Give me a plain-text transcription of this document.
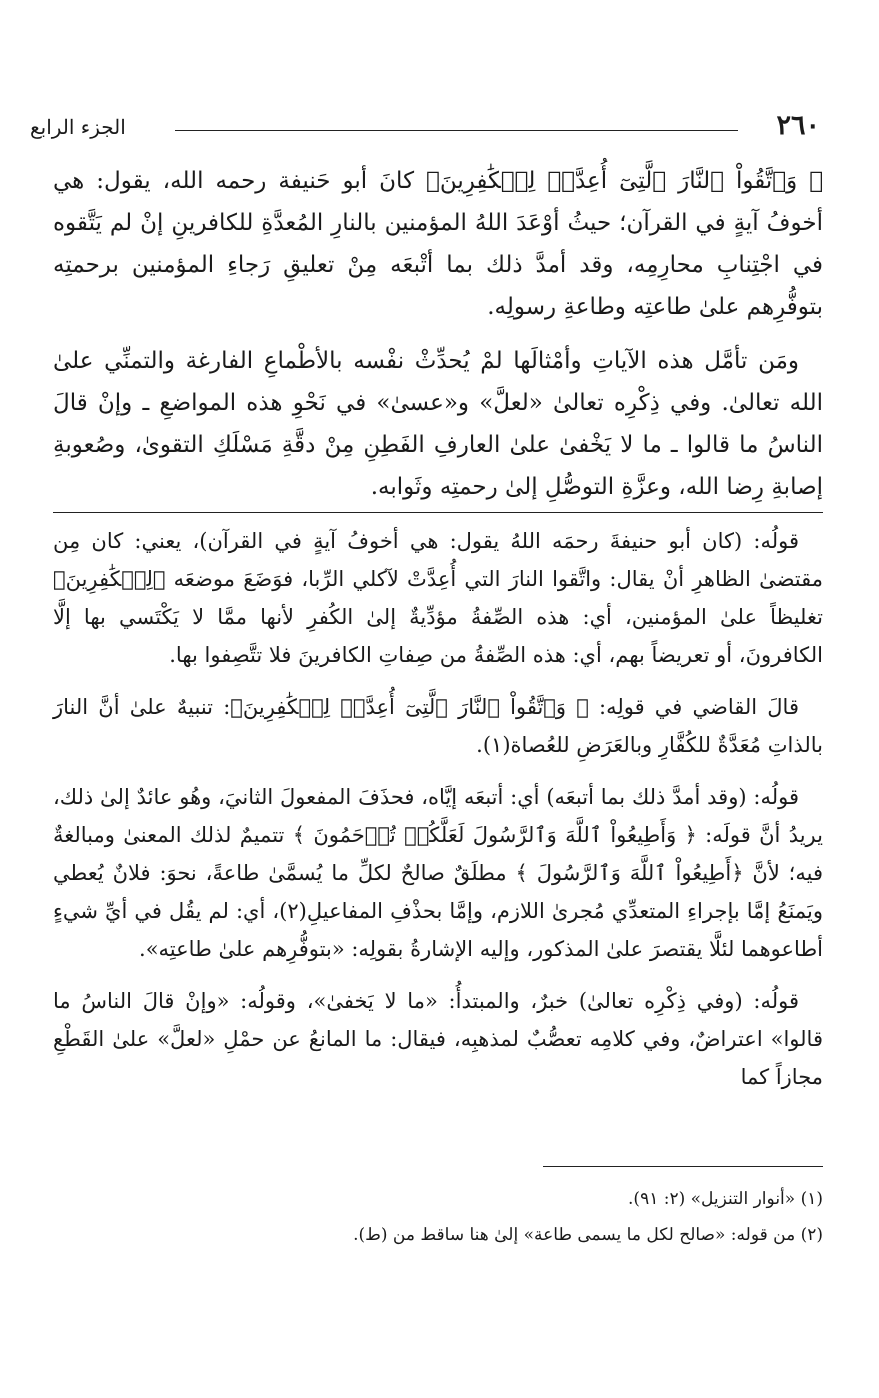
٢٦٠
الجزء الرابع

﴿ وَٱتَّقُواْ ٱلنَّارَ ٱلَّتِىٓ أُعِدَّتۡ لِلۡكَٰفِرِينَ﴾ كانَ أبو حَنيفة رحمه الله، يقول: هي أخوفُ آيةٍ في القرآن؛ حيثُ أوْعَدَ اللهُ المؤمنين بالنارِ المُعدَّةِ للكافرينِ إنْ لم يَتَّقوه في اجْتِنابِ محارِمِه، وقد أمدَّ ذلك بما أتْبعَه مِنْ تعليقِ رَجاءِ المؤمنين برحمتِه بتوفُّرِهم علىٰ طاعتِه وطاعةِ رسولِه.

ومَن تأمَّل هذه الآياتِ وأمْثالَها لمْ يُحدِّثْ نفْسه بالأطْماعِ الفارغة والتمنِّي علىٰ الله تعالىٰ. وفي ذِكْرِه تعالىٰ «لعلَّ» و«عسىٰ» في نَحْوِ هذه المواضعِ ـ وإنْ قالَ الناسُ ما قالوا ـ ما لا يَخْفىٰ علىٰ العارفِ الفَطِنِ مِنْ دقَّةِ مَسْلَكِ التقوىٰ، وصُعوبةِ إصابةِ رِضا الله، وعزَّةِ التوصُّلِ إلىٰ رحمتِه وثَوابه.

قولُه: (كان أبو حنيفةَ رحمَه اللهُ يقول: هي أخوفُ آيةٍ في القرآن)، يعني: كان مِن مقتضىٰ الظاهرِ أنْ يقال: واتَّقوا النارَ التي أُعِدَّتْ لآكلي الرِّبا، فوَضَعَ موضعَه ﴿لِلۡكَٰفِرِينَ﴾ تغليظاً علىٰ المؤمنين، أي: هذه الصِّفةُ مؤدِّيةٌ إلىٰ الكُفرِ لأنها ممَّا لا يَكْتَسي بها إلَّا الكافرونَ، أو تعريضاً بهم، أي: هذه الصِّفةُ من صِفاتِ الكافرينَ فلا تتَّصِفوا بها.

قالَ القاضي في قولِه: ﴿ وَٱتَّقُواْ ٱلنَّارَ ٱلَّتِىٓ أُعِدَّتۡ لِلۡكَٰفِرِينَ﴾: تنبيهٌ علىٰ أنَّ النارَ بالذاتِ مُعَدَّةٌ للكُفَّارِ وبالعَرَضِ للعُصاة(١).

قولُه: (وقد أمدَّ ذلك بما أتبعَه) أي: أتبعَه إيَّاه، فحذَفَ المفعولَ الثانيَ، وهُو عائدٌ إلىٰ ذلك، يريدُ أنَّ قولَه: ﴿ وَأَطِيعُواْ ٱللَّهَ وَٱلرَّسُولَ لَعَلَّكُمۡ تُرۡحَمُونَ ﴾ تتميمٌ لذلك المعنىٰ ومبالغةٌ فيه؛ لأنَّ ﴿أَطِيعُواْ ٱللَّهَ وَٱلرَّسُولَ ﴾ مطلَقٌ صالحٌ لكلِّ ما يُسمَّىٰ طاعةً، نحوَ: فلانٌ يُعطي ويَمنَعُ إمَّا بإجراءِ المتعدِّي مُجرىٰ اللازم، وإمَّا بحذْفِ المفاعيلِ(٢)، أي: لم يقُل في أيِّ شيءٍ أطاعوهما لئلَّا يقتصرَ علىٰ المذكور، وإليه الإشارةُ بقولِه: «بتوفُّرِهم علىٰ طاعتِه».

قولُه: (وفي ذِكْرِه تعالىٰ) خبرٌ، والمبتدأُ: «ما لا يَخفىٰ»، وقولُه: «وإنْ قالَ الناسُ ما قالوا» اعتراضٌ، وفي كلامِه تعصُّبٌ لمذهبِه، فيقال: ما المانعُ عن حمْلِ «لعلَّ» علىٰ القَطْعِ مجازاً كما

(١) «أنوار التنزيل» (٢: ٩١).

(٢) من قوله: «صالح لكل ما يسمى طاعة» إلىٰ هنا ساقط من (ط).
